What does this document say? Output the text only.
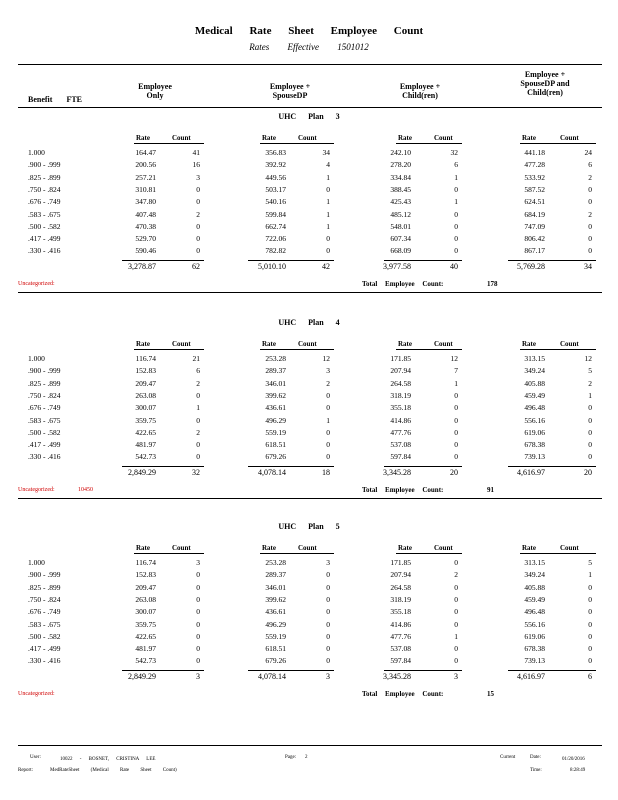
Medical Rate Sheet Employee Count
Rates Effective 1501012
Benefit FTE
Employee
Only
Employee +
SpouseDP
Employee +
Child(ren)
Employee +
SpouseDP and
Child(ren)
UHC Plan 3
Rate	Count	Rate	Count	Rate	Count	Rate	Count
1.000	164.47	41	356.83	34	242.10	32	441.18	24
.900 - .999	200.56	16	392.92	4	278.20	6	477.28	6
.825 - .899	257.21	3	449.56	1	334.84	1	533.92	2
.750 - .824	310.81	0	503.17	0	388.45	0	587.52	0
.676 - .749	347.80	0	540.16	1	425.43	1	624.51	0
.583 - .675	407.48	2	599.84	1	485.12	0	684.19	2
.500 - .582	470.38	0	662.74	1	548.01	0	747.09	0
.417 - .499	529.70	0	722.06	0	607.34	0	806.42	0
.330 - .416	590.46	0	782.82	0	668.09	0	867.17	0
3,278.87	62	5,010.10	42	3,977.58	40	5,769.28	34
Uncategorized:	Total Employee Count:	178
UHC Plan 4
Rate	Count	Rate	Count	Rate	Count	Rate	Count
1.000	116.74	21	253.28	12	171.85	12	313.15	12
.900 - .999	152.83	6	289.37	3	207.94	7	349.24	5
.825 - .899	209.47	2	346.01	2	264.58	1	405.88	2
.750 - .824	263.08	0	399.62	0	318.19	0	459.49	1
.676 - .749	300.07	1	436.61	0	355.18	0	496.48	0
.583 - .675	359.75	0	496.29	1	414.86	0	556.16	0
.500 - .582	422.65	2	559.19	0	477.76	0	619.06	0
.417 - .499	481.97	0	618.51	0	537.08	0	678.38	0
.330 - .416	542.73	0	679.26	0	597.84	0	739.13	0
2,849.29	32	4,078.14	18	3,345.28	20	4,616.97	20
Uncategorized:	10450	Total Employee Count:	91
UHC Plan 5
Rate	Count	Rate	Count	Rate	Count	Rate	Count
1.000	116.74	3	253.28	3	171.85	0	313.15	5
.900 - .999	152.83	0	289.37	0	207.94	2	349.24	1
.825 - .899	209.47	0	346.01	0	264.58	0	405.88	0
.750 - .824	263.08	0	399.62	0	318.19	0	459.49	0
.676 - .749	300.07	0	436.61	0	355.18	0	496.48	0
.583 - .675	359.75	0	496.29	0	414.86	0	556.16	0
.500 - .582	422.65	0	559.19	0	477.76	1	619.06	0
.417 - .499	481.97	0	618.51	0	537.08	0	678.38	0
.330 - .416	542.73	0	679.26	0	597.84	0	739.13	0
2,849.29	3	4,078.14	3	3,345.28	3	4,616.97	6
Uncategorized:	Total Employee Count:	15
User:	10022 - BOSNET, CRISTINA LEE
Report:	MedRateSheet (Medical Rate Sheet Count)
Page: 2	Current	Date:	01/20/2016
Time:	8:28:49
